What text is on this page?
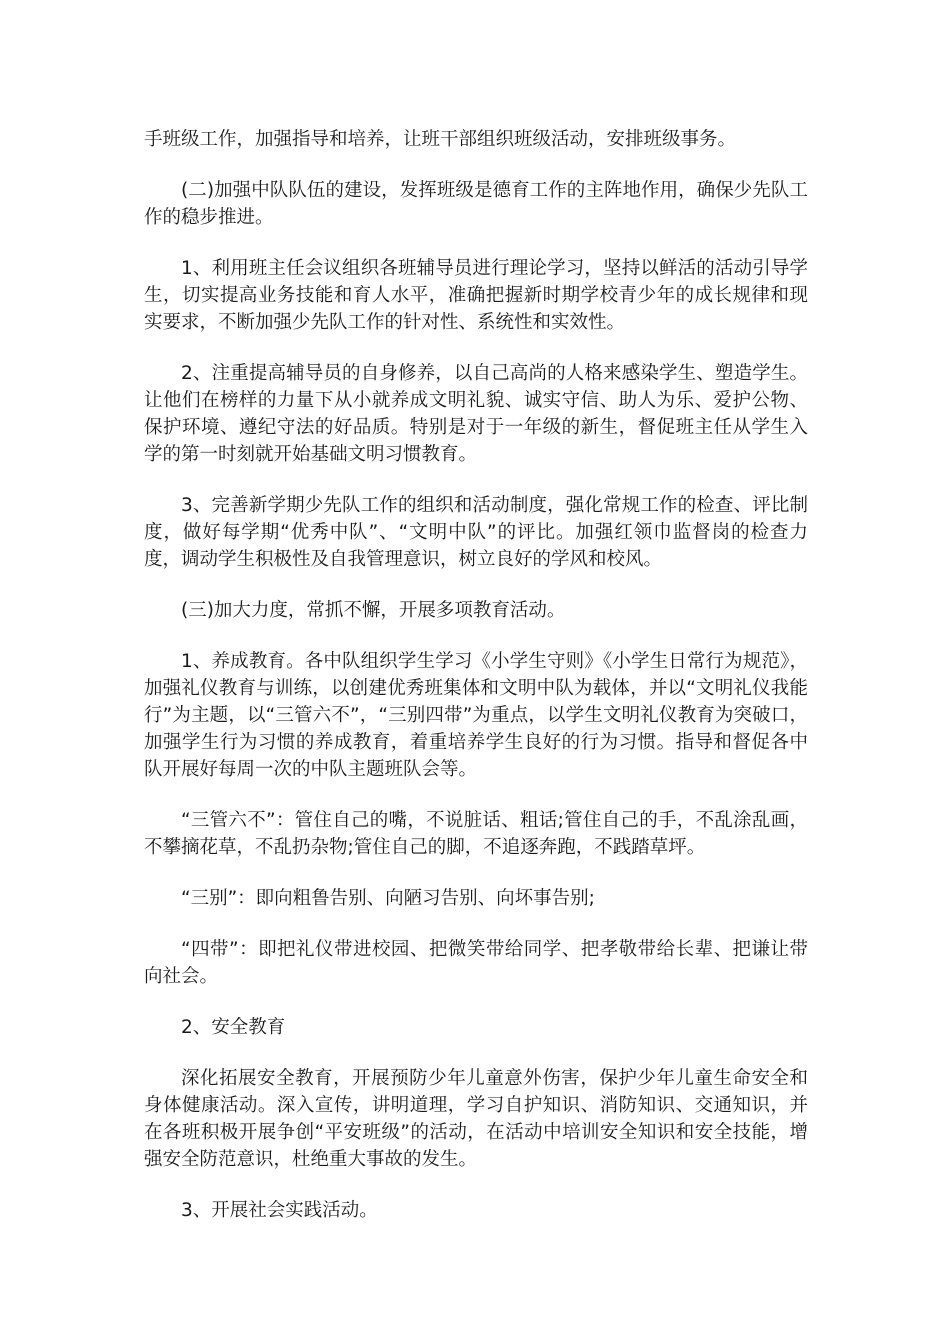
手班级工作，加强指导和培养，让班干部组织班级活动，安排班级事务。

(二)加强中队队伍的建设，发挥班级是德育工作的主阵地作用，确保少先队工作的稳步推进。

1、利用班主任会议组织各班辅导员进行理论学习，坚持以鲜活的活动引导学生，切实提高业务技能和育人水平，准确把握新时期学校青少年的成长规律和现实要求，不断加强少先队工作的针对性、系统性和实效性。

2、注重提高辅导员的自身修养，以自己高尚的人格来感染学生、塑造学生。让他们在榜样的力量下从小就养成文明礼貌、诚实守信、助人为乐、爱护公物、保护环境、遵纪守法的好品质。特别是对于一年级的新生，督促班主任从学生入学的第一时刻就开始基础文明习惯教育。

3、完善新学期少先队工作的组织和活动制度，强化常规工作的检查、评比制度，做好每学期“优秀中队”、“文明中队”的评比。加强红领巾监督岗的检查力度，调动学生积极性及自我管理意识，树立良好的学风和校风。

(三)加大力度，常抓不懈，开展多项教育活动。

1、养成教育。各中队组织学生学习《小学生守则》《小学生日常行为规范》，加强礼仪教育与训练，以创建优秀班集体和文明中队为载体，并以“文明礼仪我能行”为主题，以“三管六不”，“三别四带”为重点，以学生文明礼仪教育为突破口，加强学生行为习惯的养成教育，着重培养学生良好的行为习惯。指导和督促各中队开展好每周一次的中队主题班队会等。

“三管六不”：管住自己的嘴，不说脏话、粗话;管住自己的手，不乱涂乱画，不攀摘花草，不乱扔杂物;管住自己的脚，不追逐奔跑，不践踏草坪。

“三别”：即向粗鲁告别、向陋习告别、向坏事告别;

“四带”：即把礼仪带进校园、把微笑带给同学、把孝敬带给长辈、把谦让带向社会。

2、安全教育

深化拓展安全教育，开展预防少年儿童意外伤害，保护少年儿童生命安全和身体健康活动。深入宣传，讲明道理，学习自护知识、消防知识、交通知识，并在各班积极开展争创“平安班级”的活动，在活动中培训安全知识和安全技能，增强安全防范意识，杜绝重大事故的发生。

3、开展社会实践活动。
